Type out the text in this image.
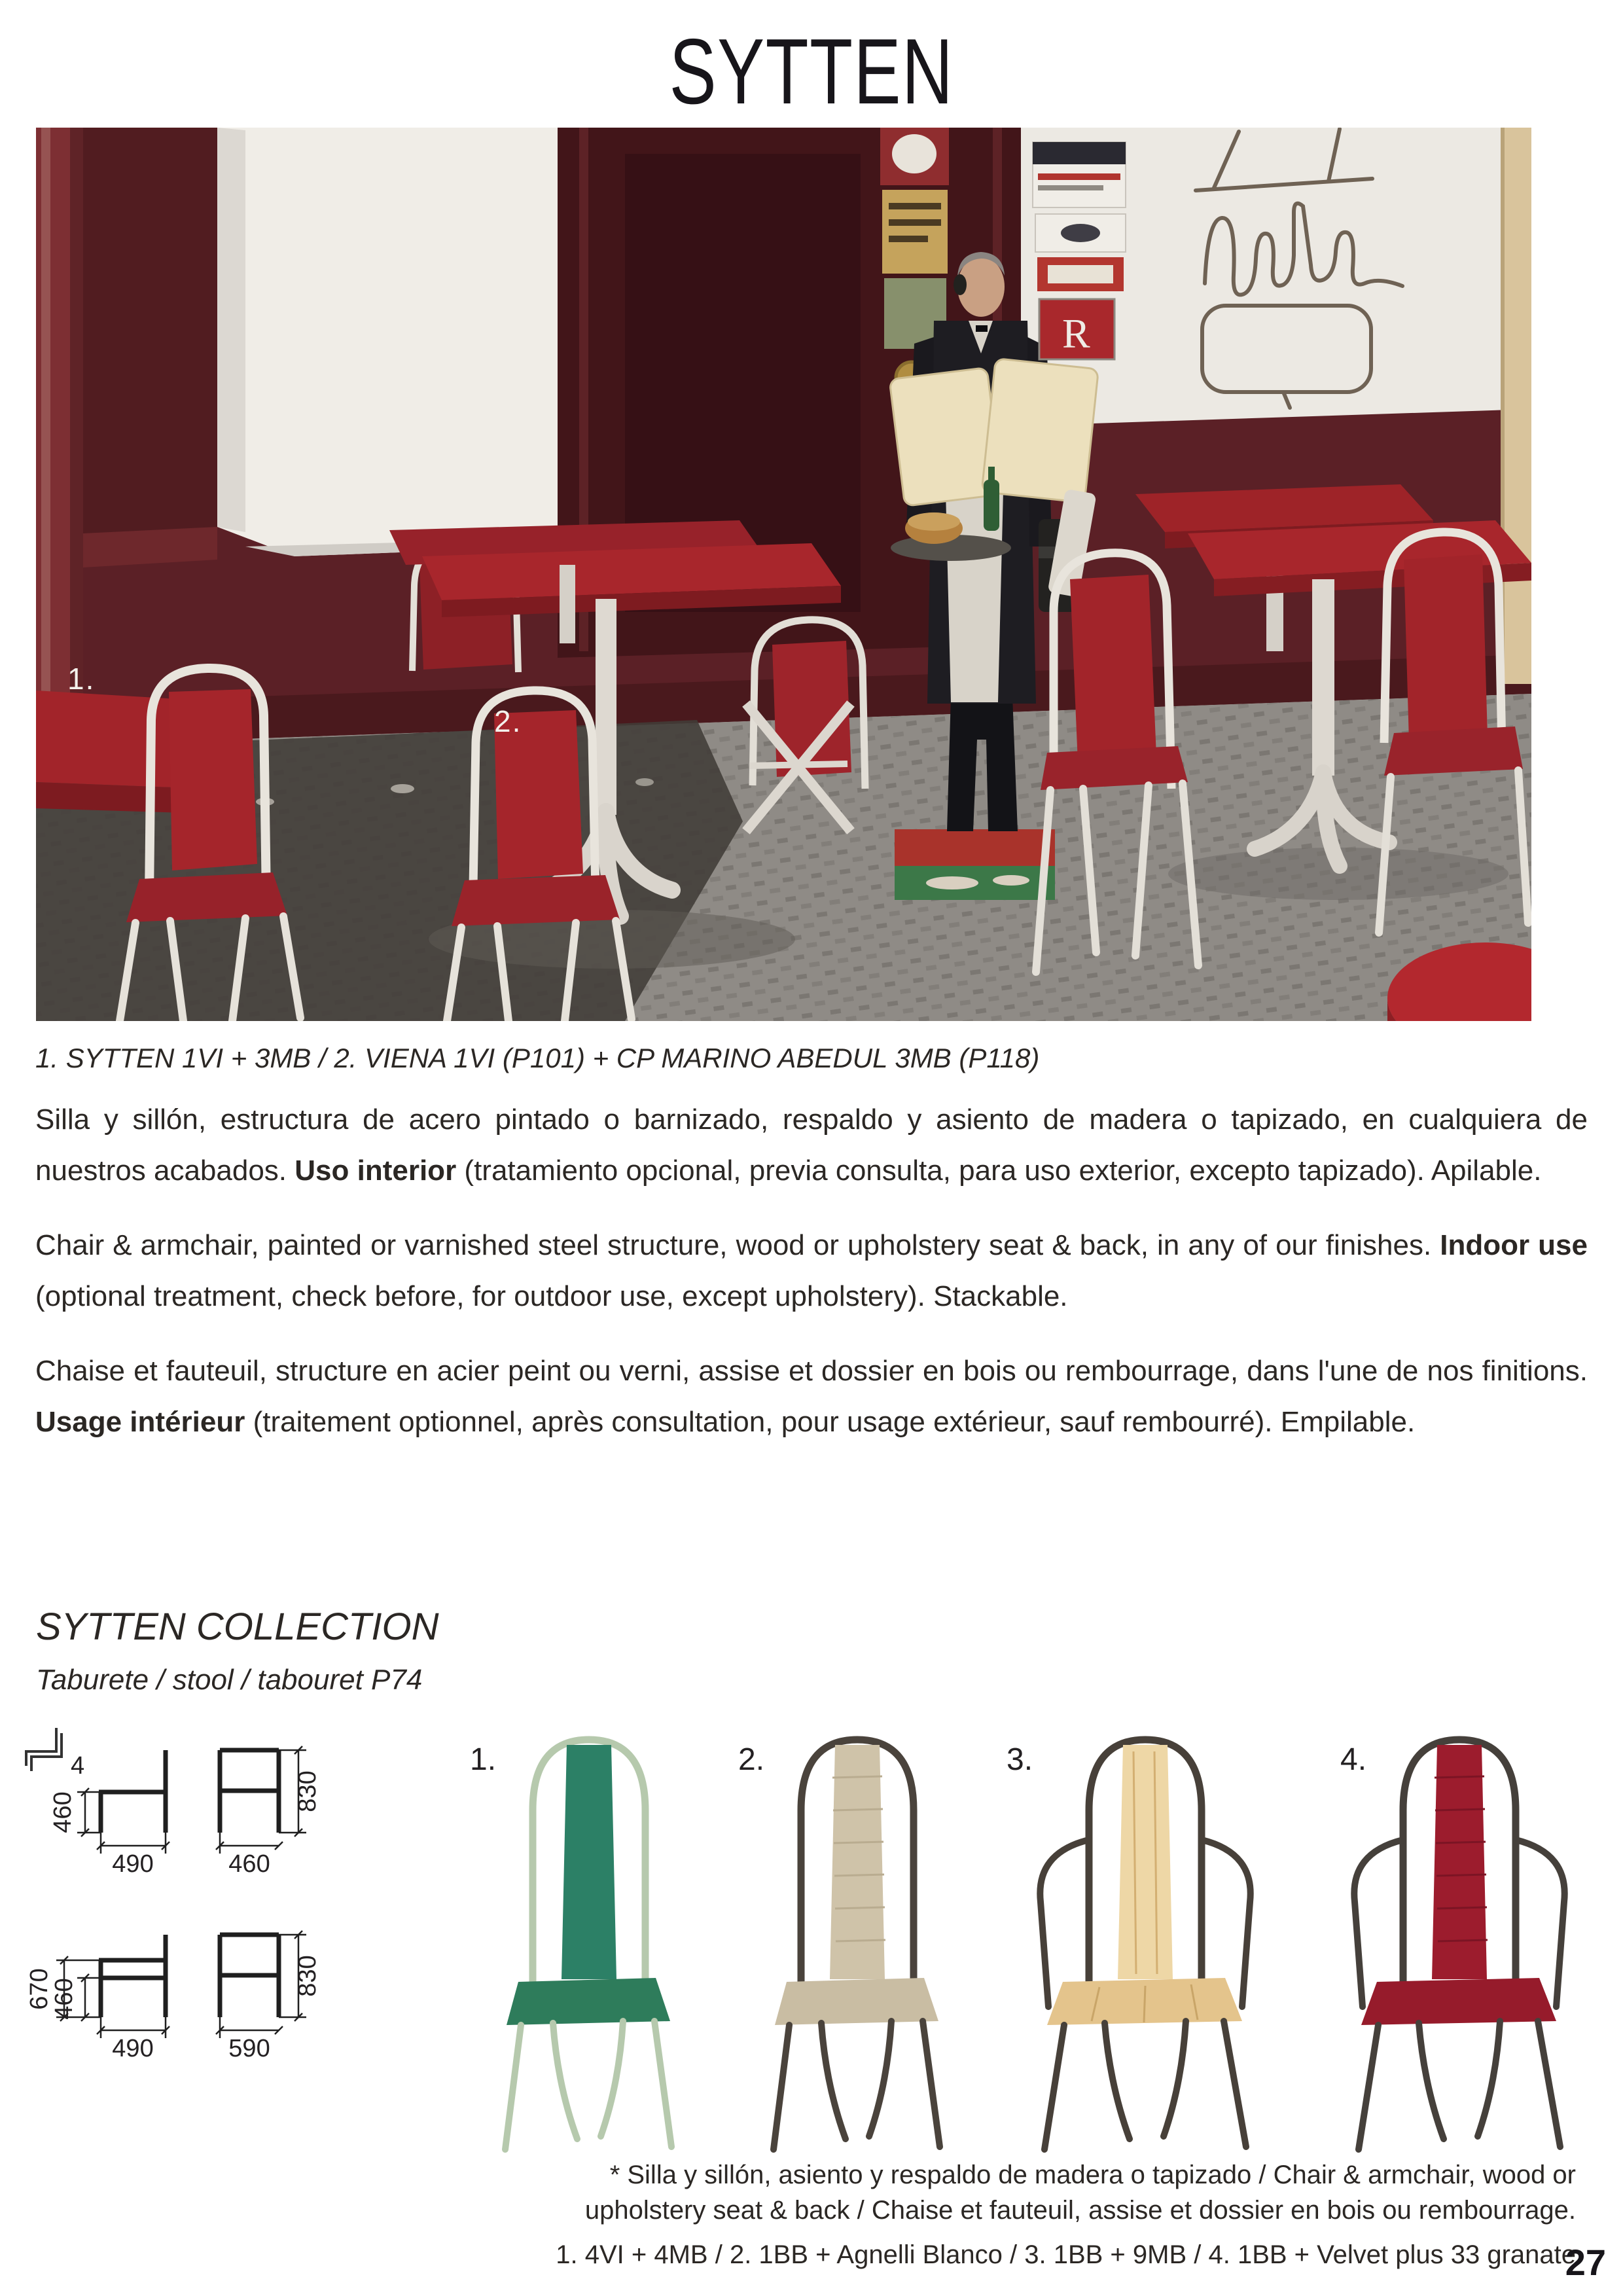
SYTTEN
R
1.
2.
1. SYTTEN 1VI + 3MB / 2. VIENA 1VI (P101) + CP MARINO ABEDUL 3MB (P118)

Silla y sillón, estructura de acero pintado o barnizado, respaldo y asiento de madera o tapizado, en cualquiera de nuestros acabados. Uso interior (tratamiento opcional, previa consulta, para uso exterior, excepto tapizado). Apilable.

Chair & armchair, painted or varnished steel structure, wood or upholstery seat & back, in any of our finishes. Indoor use (optional treatment, check before, for outdoor use, except upholstery). Stackable.

Chaise et fauteuil, structure en acier peint ou verni, assise et dossier en bois ou rembourrage, dans l'une de nos finitions. Usage intérieur (traitement optionnel, après consultation, pour usage extérieur, sauf rembourré). Empilable.

SYTTEN COLLECTION
Taburete / stool / tabouret P74
4
460
490
830
460
670
460
490
830
590
1.	2.	3.	4.
* Silla y sillón, asiento y respaldo de madera o tapizado / Chair & armchair, wood or
upholstery seat & back / Chaise et fauteuil, assise et dossier en bois ou rembourrage.
1. 4VI + 4MB / 2. 1BB + Agnelli Blanco / 3. 1BB + 9MB / 4. 1BB + Velvet plus 33 granate
27
